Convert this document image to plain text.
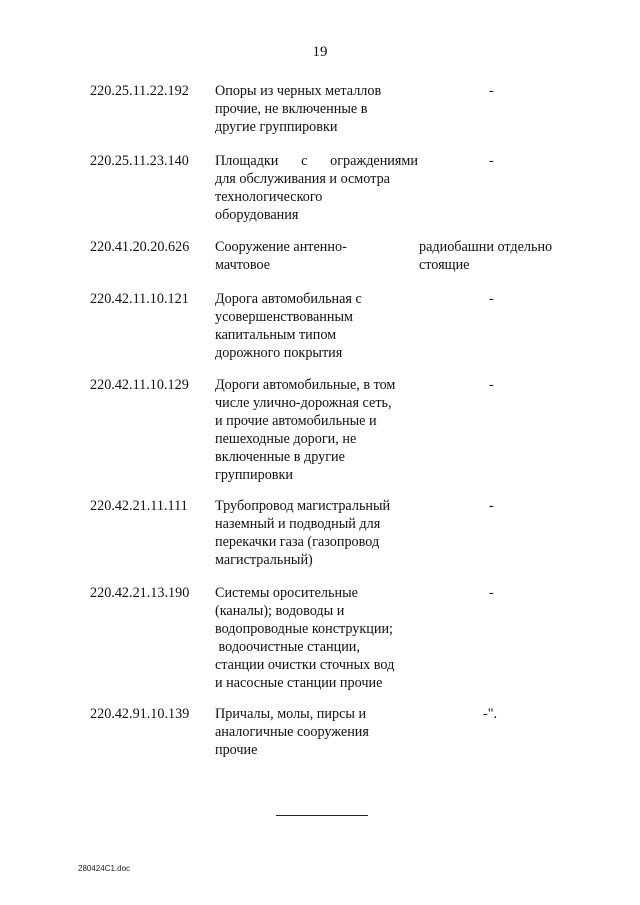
19
220.25.11.22.192 Опоры из черных металлов
прочие, не включенные в
другие группировки
-
220.25.11.23.140 Площадки с ограждениями
для обслуживания и осмотра
технологического
оборудования
-
220.41.20.20.626 Сооружение антенно-
мачтовое
радиобашни отдельно
стоящие
220.42.11.10.121 Дорога автомобильная с
усовершенствованным
капитальным типом
дорожного покрытия
-
220.42.11.10.129 Дороги автомобильные, в том
числе улично-дорожная сеть,
и прочие автомобильные и
пешеходные дороги, не
включенные в другие
группировки
-
220.42.21.11.111 Трубопровод магистральный
наземный и подводный для
перекачки газа (газопровод
магистральный)
-
220.42.21.13.190 Системы оросительные
(каналы); водоводы и
водопроводные конструкции;
водоочистные станции,
станции очистки сточных вод
и насосные станции прочие
-
220.42.91.10.139 Причалы, молы, пирсы и
аналогичные сооружения
прочие
-".
280424C1.doc
